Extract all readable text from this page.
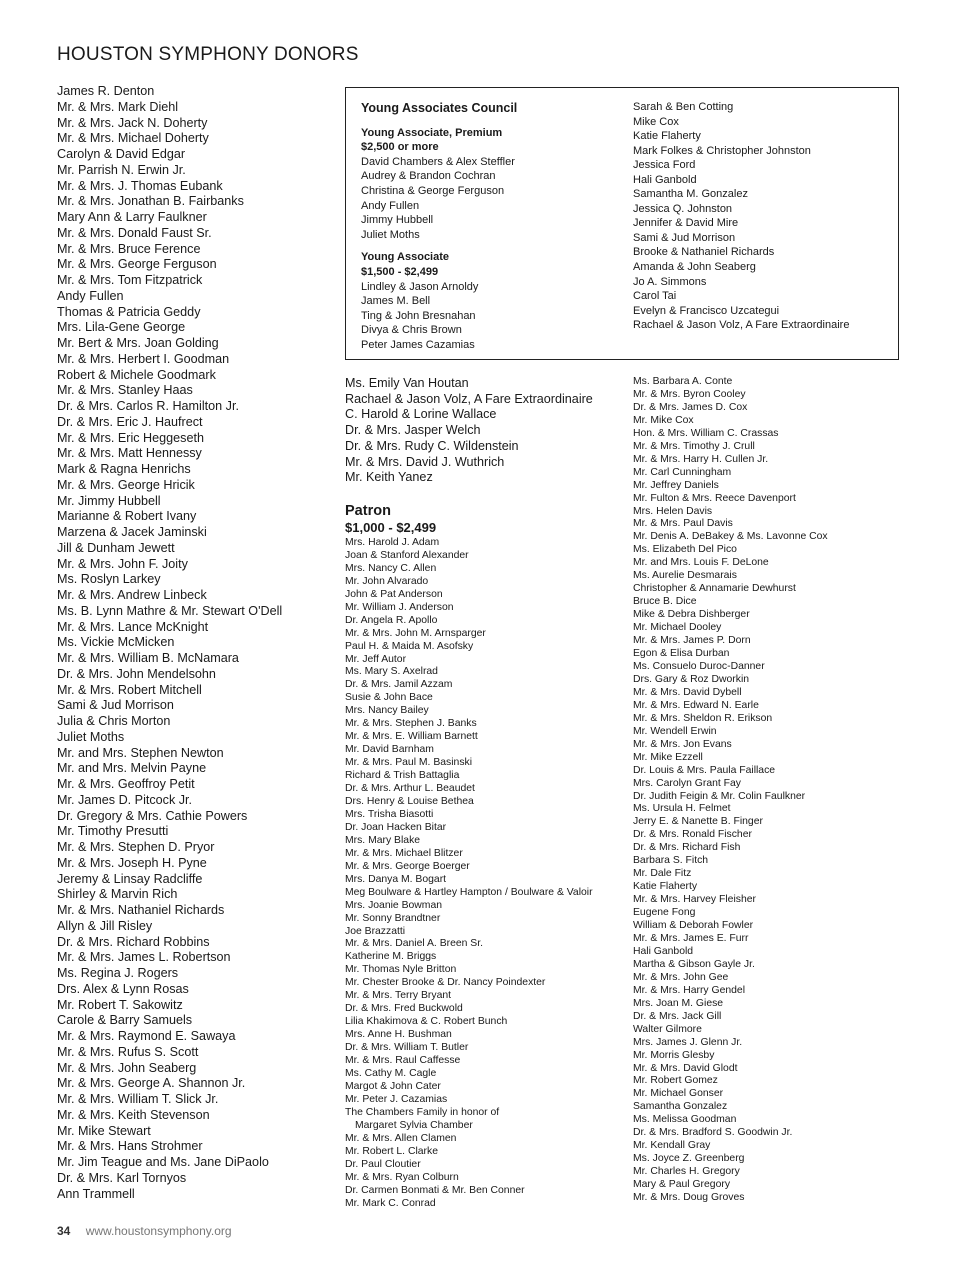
HOUSTON SYMPHONY DONORS
James R. Denton
Mr. & Mrs. Mark Diehl
Mr. & Mrs. Jack N. Doherty
Mr. & Mrs. Michael Doherty
Carolyn & David Edgar
Mr. Parrish N. Erwin Jr.
Mr. & Mrs. J. Thomas Eubank
Mr. & Mrs. Jonathan B. Fairbanks
Mary Ann & Larry Faulkner
Mr. & Mrs. Donald Faust Sr.
Mr. & Mrs. Bruce Ference
Mr. & Mrs. George Ferguson
Mr. & Mrs. Tom Fitzpatrick
Andy Fullen
Thomas & Patricia Geddy
Mrs. Lila-Gene George
Mr. Bert & Mrs. Joan Golding
Mr. & Mrs. Herbert I. Goodman
Robert & Michele Goodmark
Mr. & Mrs. Stanley Haas
Dr. & Mrs. Carlos R. Hamilton Jr.
Dr. & Mrs. Eric J. Haufrect
Mr. & Mrs. Eric Heggeseth
Mr. & Mrs. Matt Hennessy
Mark & Ragna Henrichs
Mr. & Mrs. George Hricik
Mr. Jimmy Hubbell
Marianne & Robert Ivany
Marzena & Jacek Jaminski
Jill & Dunham Jewett
Mr. & Mrs. John F. Joity
Ms. Roslyn Larkey
Mr. & Mrs. Andrew Linbeck
Ms. B. Lynn Mathre & Mr. Stewart O'Dell
Mr. & Mrs. Lance McKnight
Ms. Vickie McMicken
Mr. & Mrs. William B. McNamara
Dr. & Mrs. John Mendelsohn
Mr. & Mrs. Robert Mitchell
Sami & Jud Morrison
Julia & Chris Morton
Juliet Moths
Mr. and Mrs. Stephen Newton
Mr. and Mrs. Melvin Payne
Mr. & Mrs. Geoffroy Petit
Mr. James D. Pitcock Jr.
Dr. Gregory & Mrs. Cathie Powers
Mr. Timothy Presutti
Mr. & Mrs. Stephen D. Pryor
Mr. & Mrs. Joseph H. Pyne
Jeremy & Linsay Radcliffe
Shirley & Marvin Rich
Mr. & Mrs. Nathaniel Richards
Allyn & Jill Risley
Dr. & Mrs. Richard Robbins
Mr. & Mrs. James L. Robertson
Ms. Regina J. Rogers
Drs. Alex & Lynn Rosas
Mr. Robert T. Sakowitz
Carole & Barry Samuels
Mr. & Mrs. Raymond E. Sawaya
Mr. & Mrs. Rufus S. Scott
Mr. & Mrs. John Seaberg
Mr. & Mrs. George A. Shannon Jr.
Mr. & Mrs. William T. Slick Jr.
Mr. & Mrs. Keith Stevenson
Mr. Mike Stewart
Mr. & Mrs. Hans Strohmer
Mr. Jim Teague and Ms. Jane DiPaolo
Dr. & Mrs. Karl Tornyos
Ann Trammell
Young Associates Council
Young Associate, Premium
$2,500 or more
David Chambers & Alex Steffler
Audrey & Brandon Cochran
Christina & George Ferguson
Andy Fullen
Jimmy Hubbell
Juliet Moths
Young Associate
$1,500 - $2,499
Lindley & Jason Arnoldy
James M. Bell
Ting & John Bresnahan
Divya & Chris Brown
Peter James Cazamias
Sarah & Ben Cotting
Mike Cox
Katie Flaherty
Mark Folkes & Christopher Johnston
Jessica Ford
Hali Ganbold
Samantha M. Gonzalez
Jessica Q. Johnston
Jennifer & David Mire
Sami & Jud Morrison
Brooke & Nathaniel Richards
Amanda & John Seaberg
Jo A. Simmons
Carol Tai
Evelyn & Francisco Uzcategui
Rachael & Jason Volz, A Fare Extraordinaire
Ms. Emily Van Houtan
Rachael & Jason Volz, A Fare Extraordinaire
C. Harold & Lorine Wallace
Dr. & Mrs. Jasper Welch
Dr. & Mrs. Rudy C. Wildenstein
Mr. & Mrs. David J. Wuthrich
Mr. Keith Yanez
Patron
$1,000 - $2,499
Mrs. Harold J. Adam
Joan & Stanford Alexander
Mrs. Nancy C. Allen
Mr. John Alvarado
John & Pat Anderson
Mr. William J. Anderson
Dr. Angela R. Apollo
Mr. & Mrs. John M. Arnsparger
Paul H. & Maida M. Asofsky
Mr. Jeff Autor
Ms. Mary S. Axelrad
Dr. & Mrs. Jamil Azzam
Susie & John Bace
Mrs. Nancy Bailey
Mr. & Mrs. Stephen J. Banks
Mr. & Mrs. E. William Barnett
Mr. David Barnham
Mr. & Mrs. Paul M. Basinski
Richard & Trish Battaglia
Dr. & Mrs. Arthur L. Beaudet
Drs. Henry & Louise Bethea
Mrs. Trisha Biasotti
Dr. Joan Hacken Bitar
Mrs. Mary Blake
Mr. & Mrs. Michael Blitzer
Mr. & Mrs. George Boerger
Mrs. Danya M. Bogart
Meg Boulware & Hartley Hampton / Boulware & Valoir
Mrs. Joanie Bowman
Mr. Sonny Brandtner
Joe Brazzatti
Mr. & Mrs. Daniel A. Breen Sr.
Katherine M. Briggs
Mr. Thomas Nyle Britton
Mr. Chester Brooke & Dr. Nancy Poindexter
Mr. & Mrs. Terry Bryant
Dr. & Mrs. Fred Buckwold
Lilia Khakimova & C. Robert Bunch
Mrs. Anne H. Bushman
Dr. & Mrs. William T. Butler
Mr. & Mrs. Raul Caffesse
Ms. Cathy M. Cagle
Margot & John Cater
Mr. Peter J. Cazamias
The Chambers Family in honor of
Margaret Sylvia Chamber
Mr. & Mrs. Allen Clamen
Mr. Robert L. Clarke
Dr. Paul Cloutier
Mr. & Mrs. Ryan Colburn
Dr. Carmen Bonmati & Mr. Ben Conner
Mr. Mark C. Conrad
Ms. Barbara A. Conte
Mr. & Mrs. Byron Cooley
Dr. & Mrs. James D. Cox
Mr. Mike Cox
Hon. & Mrs. William C. Crassas
Mr. & Mrs. Timothy J. Crull
Mr. & Mrs. Harry H. Cullen Jr.
Mr. Carl Cunningham
Mr. Jeffrey Daniels
Mr. Fulton & Mrs. Reece Davenport
Mrs. Helen Davis
Mr. & Mrs. Paul Davis
Mr. Denis A. DeBakey & Ms. Lavonne Cox
Ms. Elizabeth Del Pico
Mr. and Mrs. Louis F. DeLone
Ms. Aurelie Desmarais
Christopher & Annamarie Dewhurst
Bruce B. Dice
Mike & Debra Dishberger
Mr. Michael Dooley
Mr. & Mrs. James P. Dorn
Egon & Elisa Durban
Ms. Consuelo Duroc-Danner
Drs. Gary & Roz Dworkin
Mr. & Mrs. David Dybell
Mr. & Mrs. Edward N. Earle
Mr. & Mrs. Sheldon R. Erikson
Mr. Wendell Erwin
Mr. & Mrs. Jon Evans
Mr. Mike Ezzell
Dr. Louis & Mrs. Paula Faillace
Mrs. Carolyn Grant Fay
Dr. Judith Feigin & Mr. Colin Faulkner
Ms. Ursula H. Felmet
Jerry E. & Nanette B. Finger
Dr. & Mrs. Ronald Fischer
Dr. & Mrs. Richard Fish
Barbara S. Fitch
Mr. Dale Fitz
Katie Flaherty
Mr. & Mrs. Harvey Fleisher
Eugene Fong
William & Deborah Fowler
Mr. & Mrs. James E. Furr
Hali Ganbold
Martha & Gibson Gayle Jr.
Mr. & Mrs. John Gee
Mr. & Mrs. Harry Gendel
Mrs. Joan M. Giese
Dr. & Mrs. Jack Gill
Walter Gilmore
Mrs. James J. Glenn Jr.
Mr. Morris Glesby
Mr. & Mrs. David Glodt
Mr. Robert Gomez
Mr. Michael Gonser
Samantha Gonzalez
Ms. Melissa Goodman
Dr. & Mrs. Bradford S. Goodwin Jr.
Mr. Kendall Gray
Ms. Joyce Z. Greenberg
Mr. Charles H. Gregory
Mary & Paul Gregory
Mr. & Mrs. Doug Groves
34 www.houstonsymphony.org
